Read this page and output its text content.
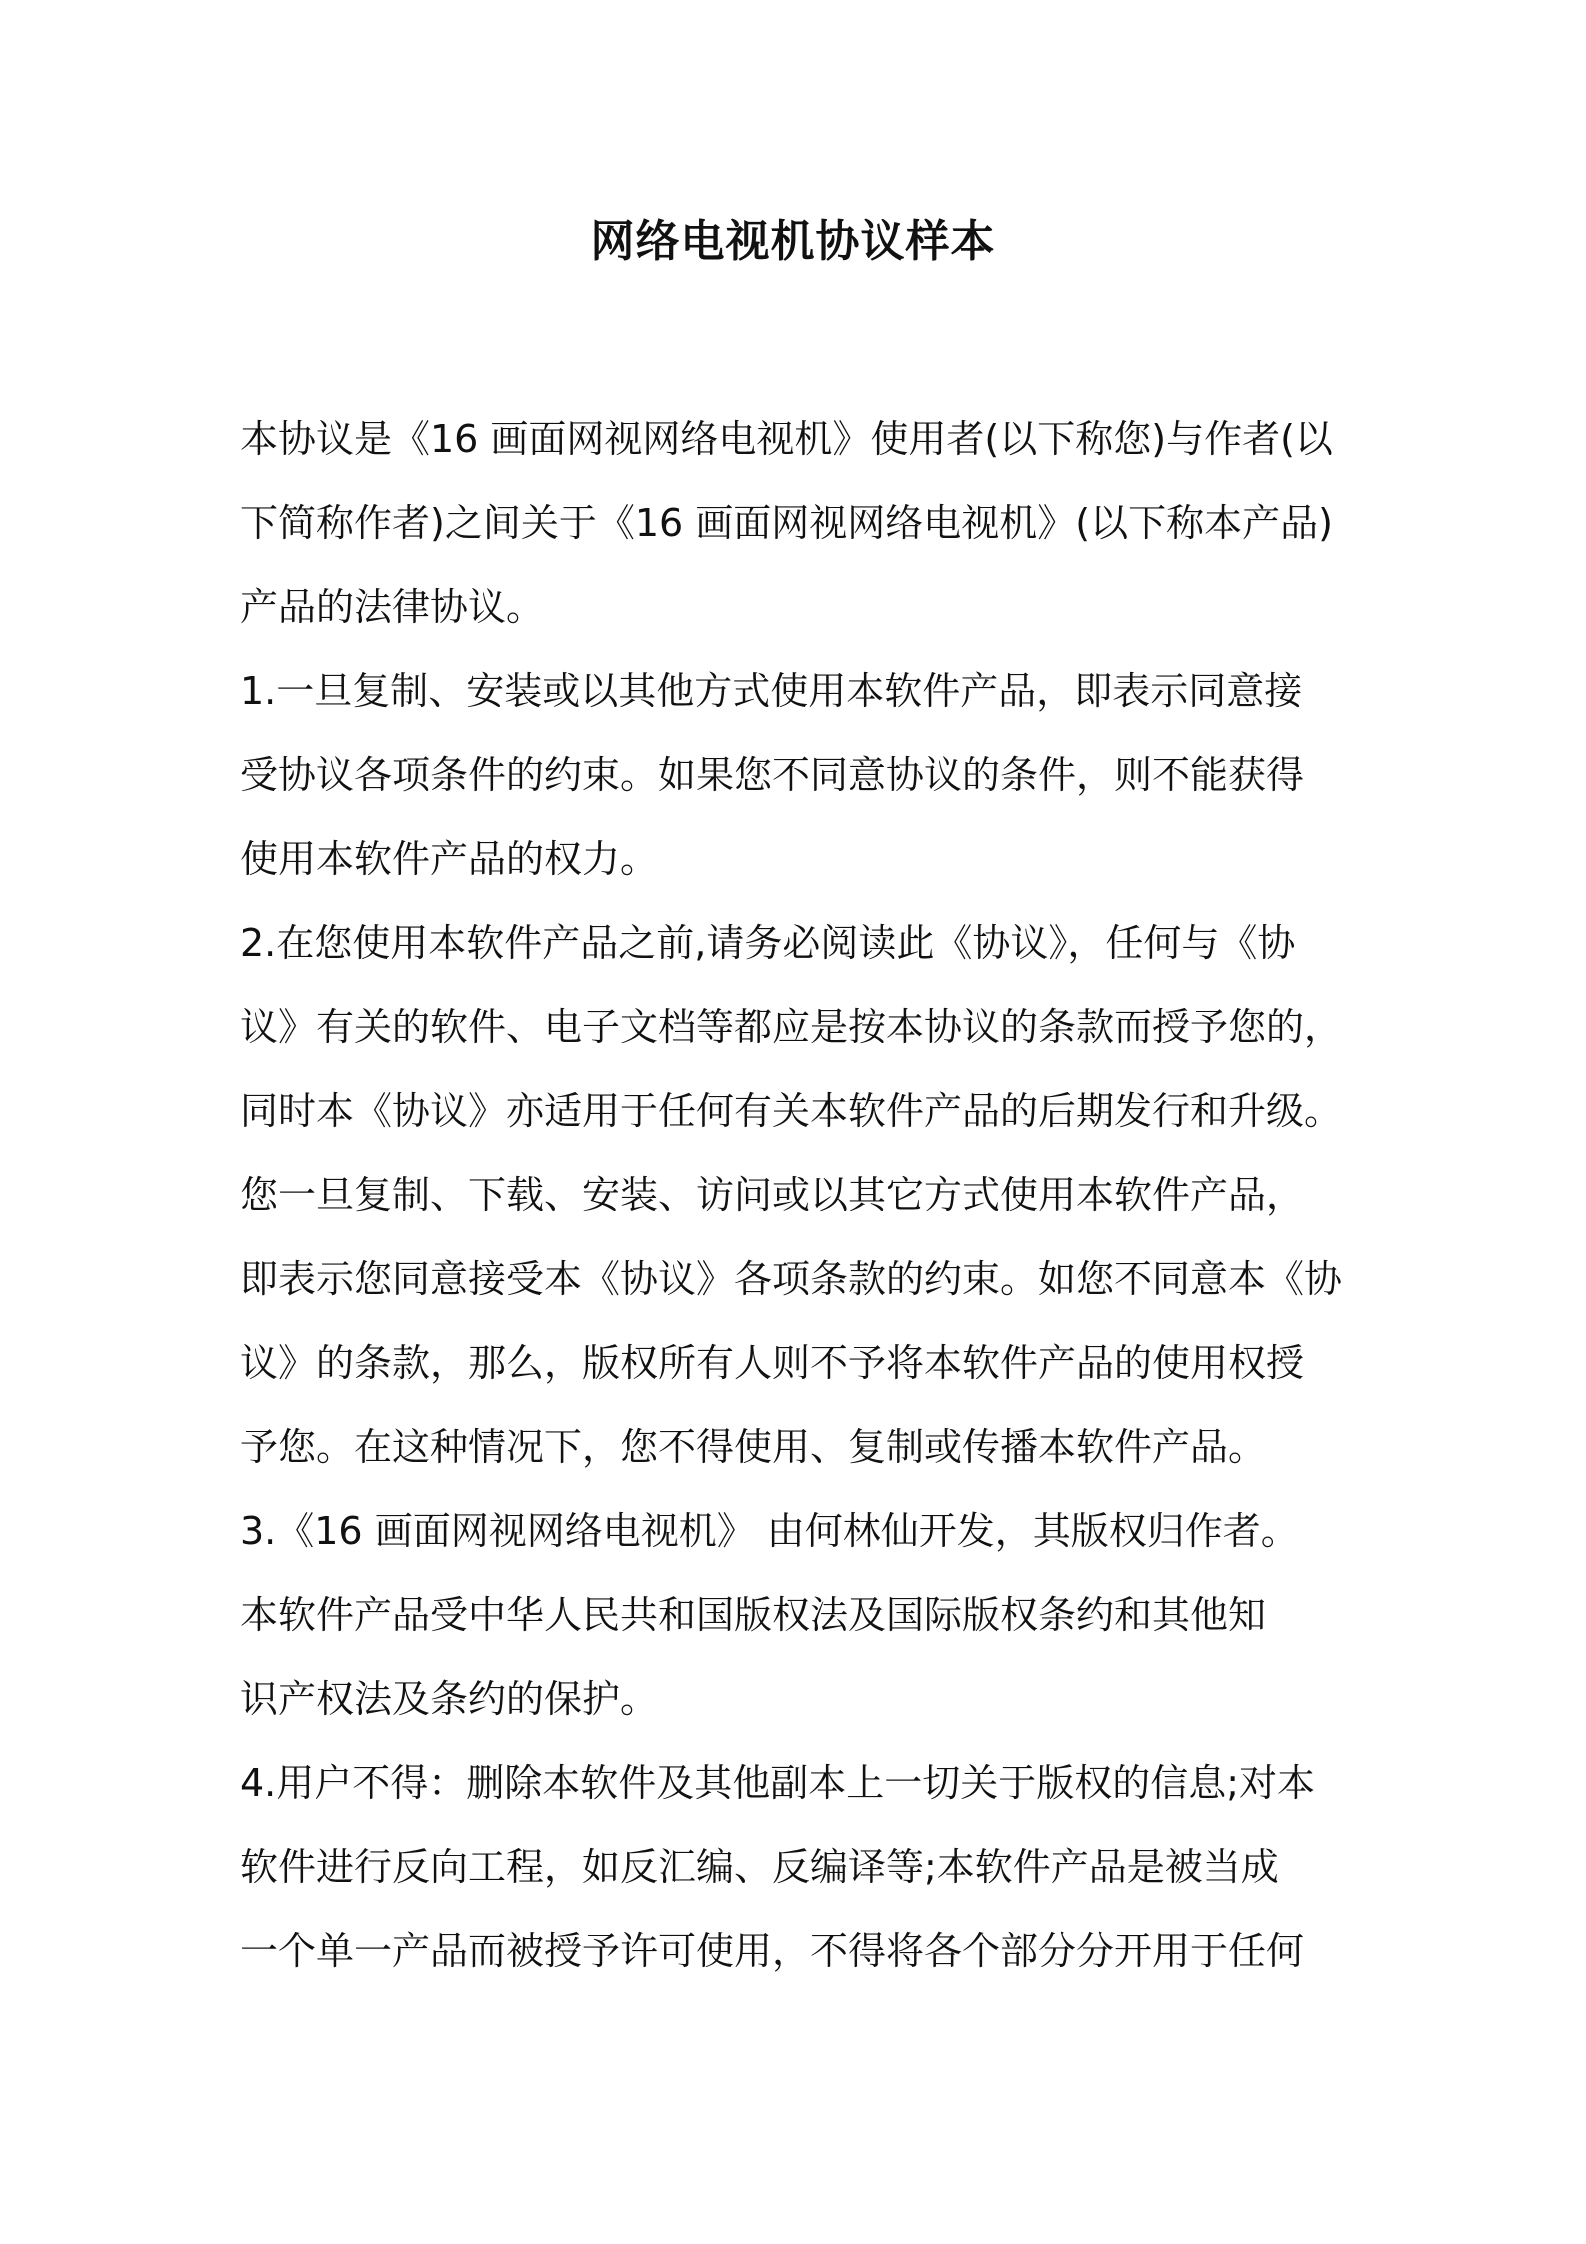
网络电视机协议样本
本协议是《16 画面网视网络电视机》使用者(以下称您)与作者(以
下简称作者)之间关于《16 画面网视网络电视机》(以下称本产品)
产品的法律协议。
1.一旦复制、安装或以其他方式使用本软件产品，即表示同意接
受协议各项条件的约束。如果您不同意协议的条件，则不能获得
使用本软件产品的权力。
2.在您使用本软件产品之前,请务必阅读此《协议》，任何与《协
议》有关的软件、电子文档等都应是按本协议的条款而授予您的，
同时本《协议》亦适用于任何有关本软件产品的后期发行和升级。
您一旦复制、下载、安装、访问或以其它方式使用本软件产品，
即表示您同意接受本《协议》各项条款的约束。如您不同意本《协
议》的条款，那么，版权所有人则不予将本软件产品的使用权授
予您。在这种情况下，您不得使用、复制或传播本软件产品。
3.《16 画面网视网络电视机》 由何林仙开发，其版权归作者。
本软件产品受中华人民共和国版权法及国际版权条约和其他知
识产权法及条约的保护。
4.用户不得：删除本软件及其他副本上一切关于版权的信息;对本
软件进行反向工程，如反汇编、反编译等;本软件产品是被当成
一个单一产品而被授予许可使用，不得将各个部分分开用于任何
